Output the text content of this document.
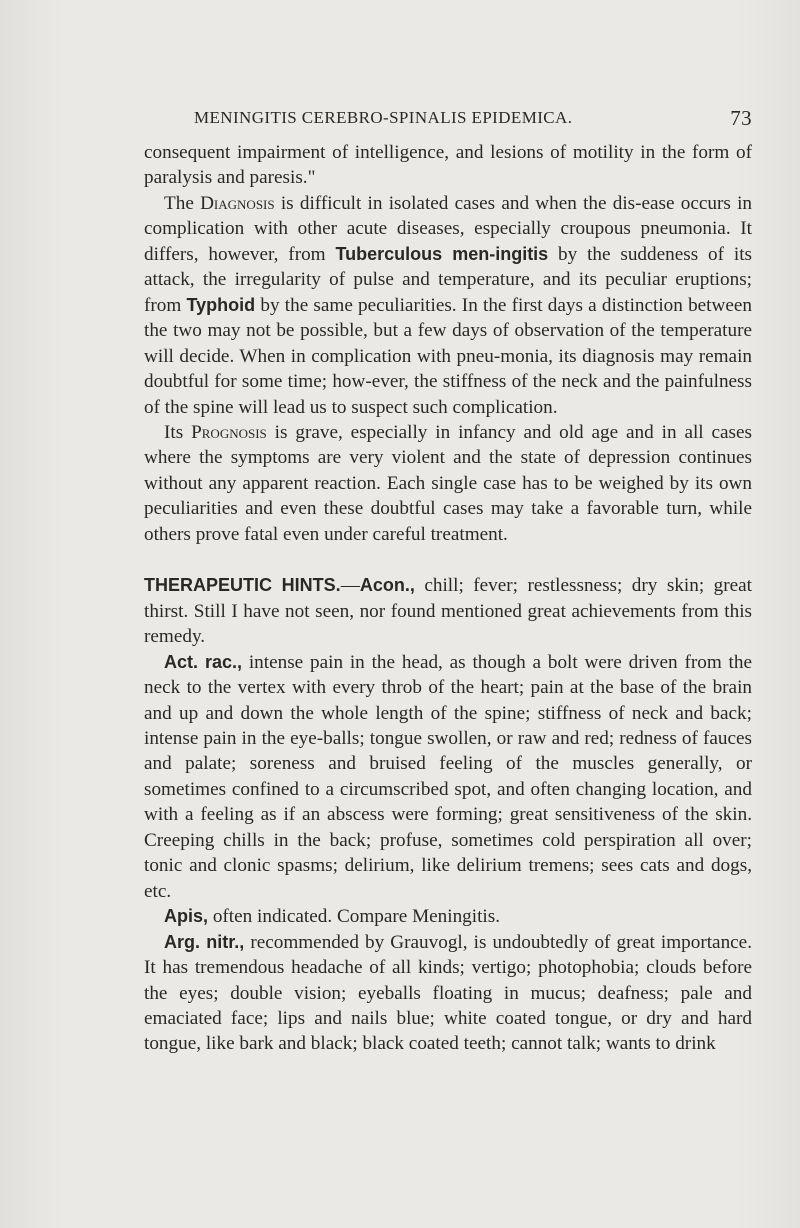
MENINGITIS CEREBRO-SPINALIS EPIDEMICA.	73

consequent impairment of intelligence, and lesions of motility in the form of paralysis and paresis."

The Diagnosis is difficult in isolated cases and when the dis-ease occurs in complication with other acute diseases, especially croupous pneumonia. It differs, however, from Tuberculous men-ingitis by the suddeness of its attack, the irregularity of pulse and temperature, and its peculiar eruptions; from Typhoid by the same peculiarities. In the first days a distinction between the two may not be possible, but a few days of observation of the temperature will decide. When in complication with pneu-monia, its diagnosis may remain doubtful for some time; how-ever, the stiffness of the neck and the painfulness of the spine will lead us to suspect such complication.

Its Prognosis is grave, especially in infancy and old age and in all cases where the symptoms are very violent and the state of depression continues without any apparent reaction. Each single case has to be weighed by its own peculiarities and even these doubtful cases may take a favorable turn, while others prove fatal even under careful treatment.

THERAPEUTIC HINTS.—Acon., chill; fever; restlessness; dry skin; great thirst. Still I have not seen, nor found mentioned great achievements from this remedy.

Act. rac., intense pain in the head, as though a bolt were driven from the neck to the vertex with every throb of the heart; pain at the base of the brain and up and down the whole length of the spine; stiffness of neck and back; intense pain in the eye-balls; tongue swollen, or raw and red; redness of fauces and palate; soreness and bruised feeling of the muscles generally, or sometimes confined to a circumscribed spot, and often changing location, and with a feeling as if an abscess were forming; great sensitiveness of the skin. Creeping chills in the back; profuse, sometimes cold perspiration all over; tonic and clonic spasms; delirium, like delirium tremens; sees cats and dogs, etc.

Apis, often indicated. Compare Meningitis.

Arg. nitr., recommended by Grauvogl, is undoubtedly of great importance. It has tremendous headache of all kinds; vertigo; photophobia; clouds before the eyes; double vision; eyeballs floating in mucus; deafness; pale and emaciated face; lips and nails blue; white coated tongue, or dry and hard tongue, like bark and black; black coated teeth; cannot talk; wants to drink
